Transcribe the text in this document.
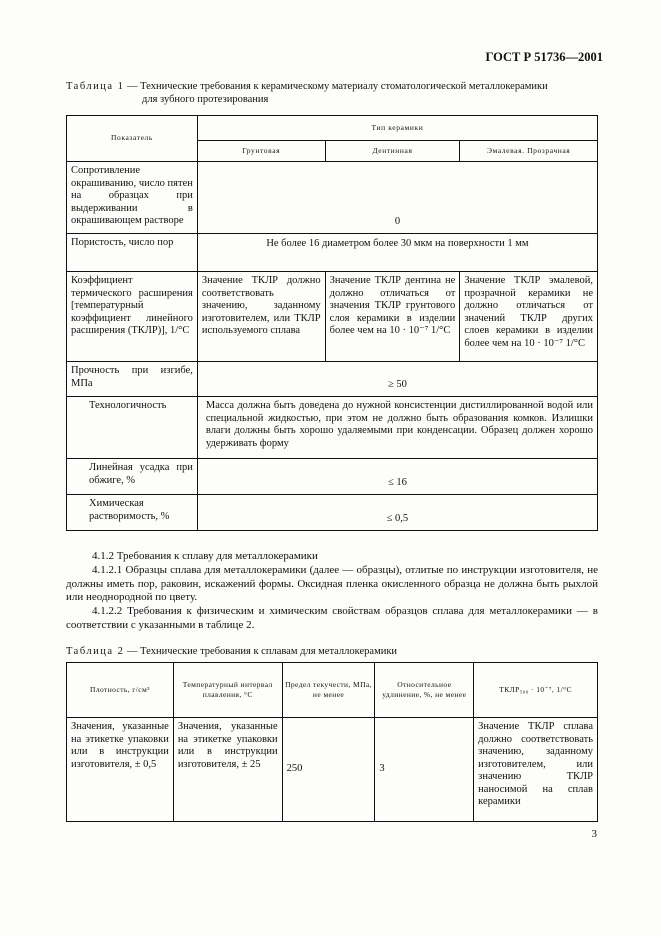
ГОСТ Р 51736—2001
Таблица 1 — Технические требования к керамическому материалу стоматологической металлокерамики
для зубного протезирования
Показатель	Тип керамики		
	Грунтовая	Дентинная	Эмалевая. Прозрачная
Сопротивление окрашиванию, число пятен на образцах при выдерживании в окрашивающем растворе	0		
Пористость, число пор	Не более 16 диаметром более 30 мкм на поверхности 1 мм		
Коэффициент термического расширения [температурный коэффициент линейного расширения (ТКЛР)], 1/°C	Значение ТКЛР должно соответствовать значению, заданному изготовителем, или ТКЛР используемого сплава	Значение ТКЛР дентина не должно отличаться от значения ТКЛР грунтового слоя керамики в изделии более чем на 10 · 10⁻⁷ 1/°C	Значение ТКЛР эмалевой, прозрачной керамики не должно отличаться от значений ТКЛР других слоев керамики в изделии более чем на 10 · 10⁻⁷ 1/°C
Прочность при изгибе, МПа	≥ 50		
Технологичность	Масса должна быть доведена до нужной консистенции дистиллированной водой или специальной жидкостью, при этом не должно быть образования комков. Излишки влаги должны быть хорошо удаляемыми при конденсации. Образец должен хорошо удерживать форму		
Линейная усадка при обжиге, %	≤ 16		
Химическая растворимость, %	≤ 0,5		

4.1.2 Требования к сплаву для металлокерамики

4.1.2.1 Образцы сплава для металлокерамики (далее — образцы), отлитые по инструкции изготовителя, не должны иметь пор, раковин, искажений формы. Оксидная пленка окисленного образца не должна быть рыхлой или неоднородной по цвету.

4.1.2.2 Требования к физическим и химическим свойствам образцов сплава для металлокерамики — в соответствии с указанными в таблице 2.

Таблица 2 — Технические требования к сплавам для металлокерамики
Плотность, г/см³	Температурный интервал плавления, °C	Предел текучести, МПа, не менее	Относительное удлинение, %, не менее	ТКЛР₅₀₀ · 10⁻⁷, 1/°C
Значения, указанные на этикетке упаковки или в инструкции изготовителя, ± 0,5	Значения, указанные на этикетке упаковки или в инструкции изготовителя, ± 25	250	3	Значение ТКЛР сплава должно соответствовать значению, заданному изготовителем, или значению ТКЛР наносимой на сплав керамики
3
